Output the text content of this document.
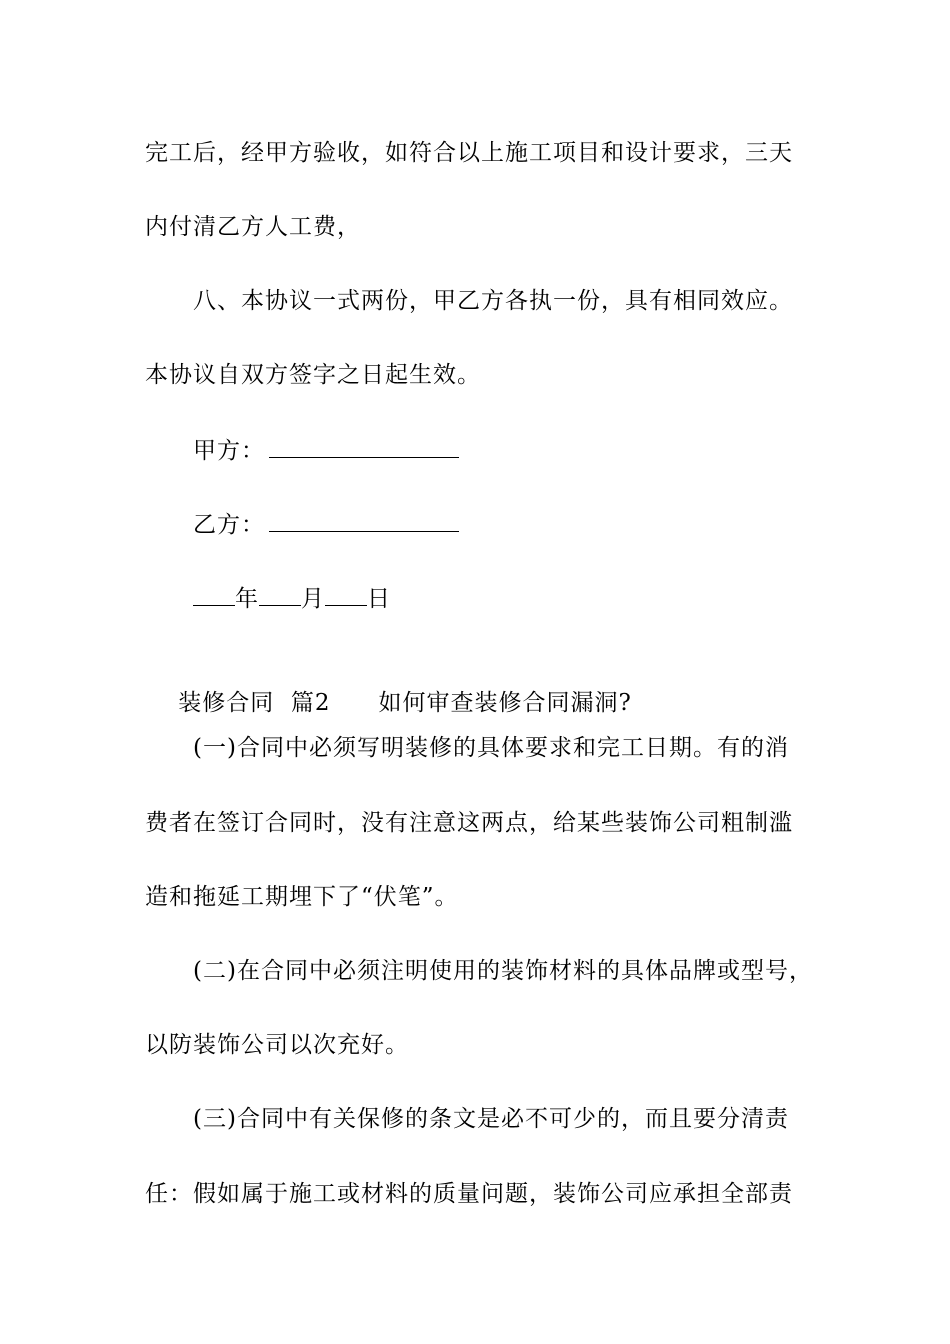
完工后，经甲方验收，如符合以上施工项目和设计要求，三天
内付清乙方人工费，
八、本协议一式两份，甲乙方各执一份，具有相同效应。
本协议自双方签字之日起生效。
甲方：
乙方：
年 月 日

装修合同  篇2 如何审查装修合同漏洞?

(一)合同中必须写明装修的具体要求和完工日期。有的消
费者在签订合同时，没有注意这两点，给某些装饰公司粗制滥
造和拖延工期埋下了“伏笔”。
(二)在合同中必须注明使用的装饰材料的具体品牌或型号，
以防装饰公司以次充好。
(三)合同中有关保修的条文是必不可少的，而且要分清责
任：假如属于施工或材料的质量问题，装饰公司应承担全部责
